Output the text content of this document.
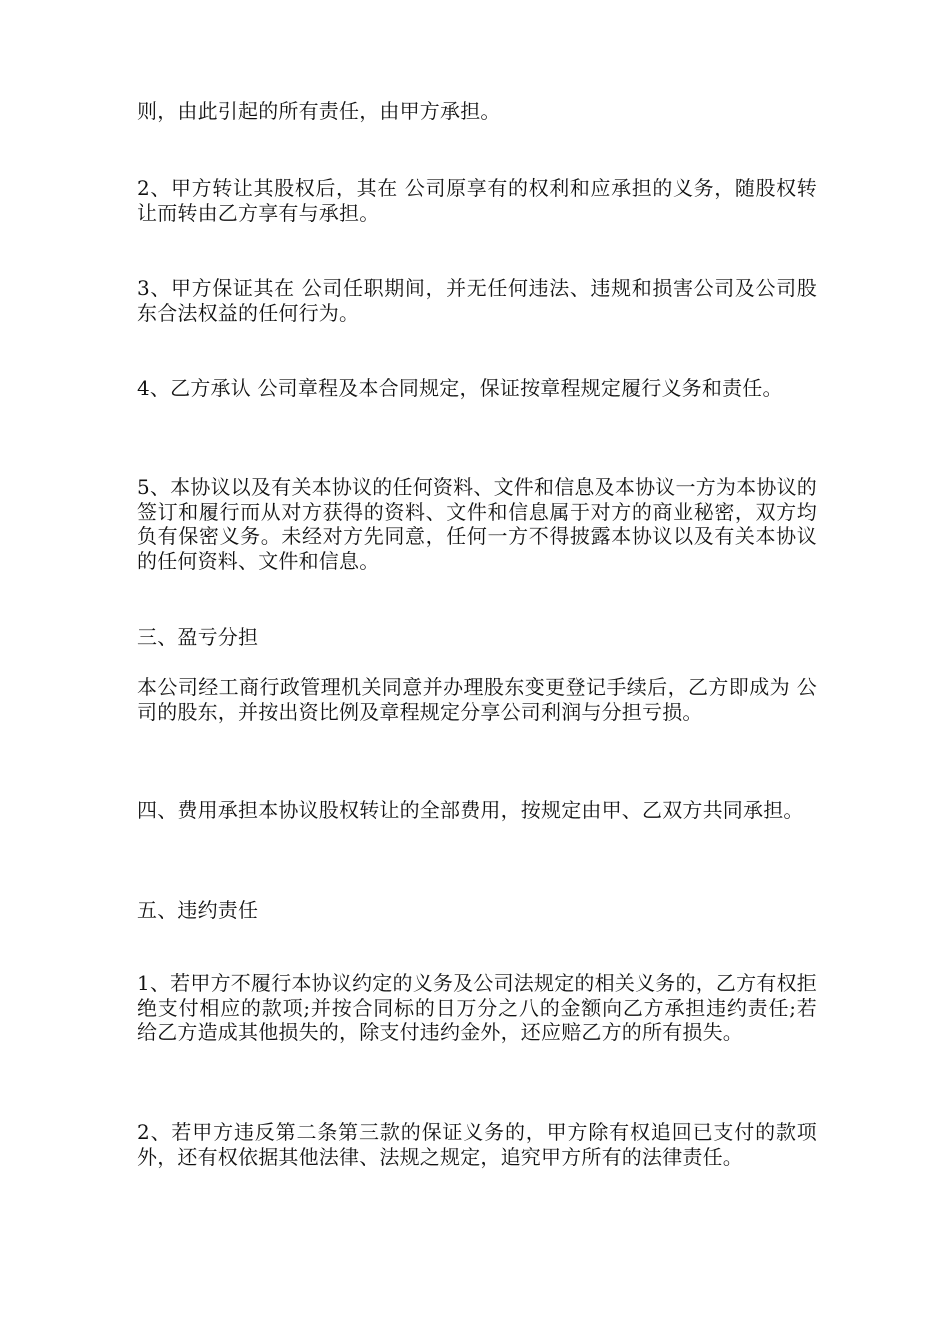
则，由此引起的所有责任，由甲方承担。

2、甲方转让其股权后，其在 公司原享有的权利和应承担的义务，随股权转让而转由乙方享有与承担。

3、甲方保证其在 公司任职期间，并无任何违法、违规和损害公司及公司股东合法权益的任何行为。

4、乙方承认 公司章程及本合同规定，保证按章程规定履行义务和责任。

5、本协议以及有关本协议的任何资料、文件和信息及本协议一方为本协议的签订和履行而从对方获得的资料、文件和信息属于对方的商业秘密，双方均负有保密义务。未经对方先同意，任何一方不得披露本协议以及有关本协议的任何资料、文件和信息。

三、盈亏分担

本公司经工商行政管理机关同意并办理股东变更登记手续后，乙方即成为 公司的股东，并按出资比例及章程规定分享公司利润与分担亏损。

四、费用承担本协议股权转让的全部费用，按规定由甲、乙双方共同承担。

五、违约责任

1、若甲方不履行本协议约定的义务及公司法规定的相关义务的，乙方有权拒绝支付相应的款项;并按合同标的日万分之八的金额向乙方承担违约责任;若给乙方造成其他损失的，除支付违约金外，还应赔乙方的所有损失。

2、若甲方违反第二条第三款的保证义务的，甲方除有权追回已支付的款项外，还有权依据其他法律、法规之规定，追究甲方所有的法律责任。
